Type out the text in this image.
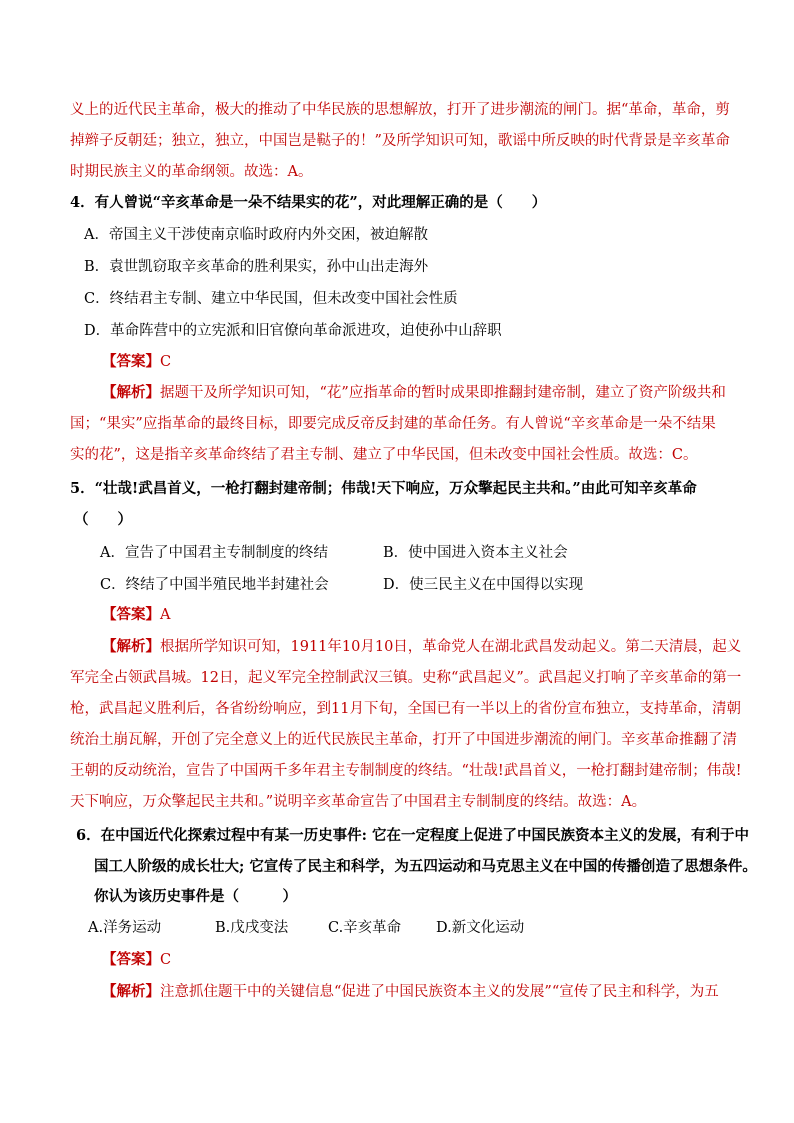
义上的近代民主革命，极大的推动了中华民族的思想解放，打开了进步潮流的闸门。据“革命，革命，剪
掉辫子反朝廷；独立，独立，中国岂是鞑子的！”及所学知识可知，歌谣中所反映的时代背景是辛亥革命
时期民族主义的革命纲领。故选：A。
4．有人曾说“辛亥革命是一朵不结果实的花”，对此理解正确的是（　　）
A．帝国主义干涉使南京临时政府内外交困，被迫解散
B．袁世凯窃取辛亥革命的胜利果实，孙中山出走海外
C．终结君主专制、建立中华民国，但未改变中国社会性质
D．革命阵营中的立宪派和旧官僚向革命派进攻，迫使孙中山辞职
【答案】C
【解析】据题干及所学知识可知，“花”应指革命的暂时成果即推翻封建帝制，建立了资产阶级共和
国；“果实”应指革命的最终目标，即要完成反帝反封建的革命任务。有人曾说“辛亥革命是一朵不结果
实的花”，这是指辛亥革命终结了君主专制、建立了中华民国，但未改变中国社会性质。故选：C。
5．“壮哉!武昌首义，一枪打翻封建帝制；伟哉!天下响应，万众擎起民主共和。”由此可知辛亥革命
（　　）
A．宣告了中国君主专制制度的终结	B．使中国进入资本主义社会
C．终结了中国半殖民地半封建社会	D．使三民主义在中国得以实现
【答案】A
【解析】根据所学知识可知，1911年10月10日，革命党人在湖北武昌发动起义。第二天清晨，起义
军完全占领武昌城。12日，起义军完全控制武汉三镇。史称“武昌起义”。武昌起义打响了辛亥革命的第一
枪，武昌起义胜利后，各省纷纷响应，到11月下旬，全国已有一半以上的省份宣布独立，支持革命，清朝
统治土崩瓦解，开创了完全意义上的近代民族民主革命，打开了中国进步潮流的闸门。辛亥革命推翻了清
王朝的反动统治，宣告了中国两千多年君主专制制度的终结。“壮哉!武昌首义，一枪打翻封建帝制；伟哉!
天下响应，万众擎起民主共和。”说明辛亥革命宣告了中国君主专制制度的终结。故选：A。
6．在中国近代化探索过程中有某一历史事件: 它在一定程度上促进了中国民族资本主义的发展，有利于中
国工人阶级的成长壮大; 它宣传了民主和科学，为五四运动和马克思主义在中国的传播创造了思想条件。
你认为该历史事件是（　　　）
A.洋务运动	B.戊戌变法	C.辛亥革命 D.新文化运动
【答案】C
【解析】注意抓住题干中的关键信息“促进了中国民族资本主义的发展”“宣传了民主和科学，为五
